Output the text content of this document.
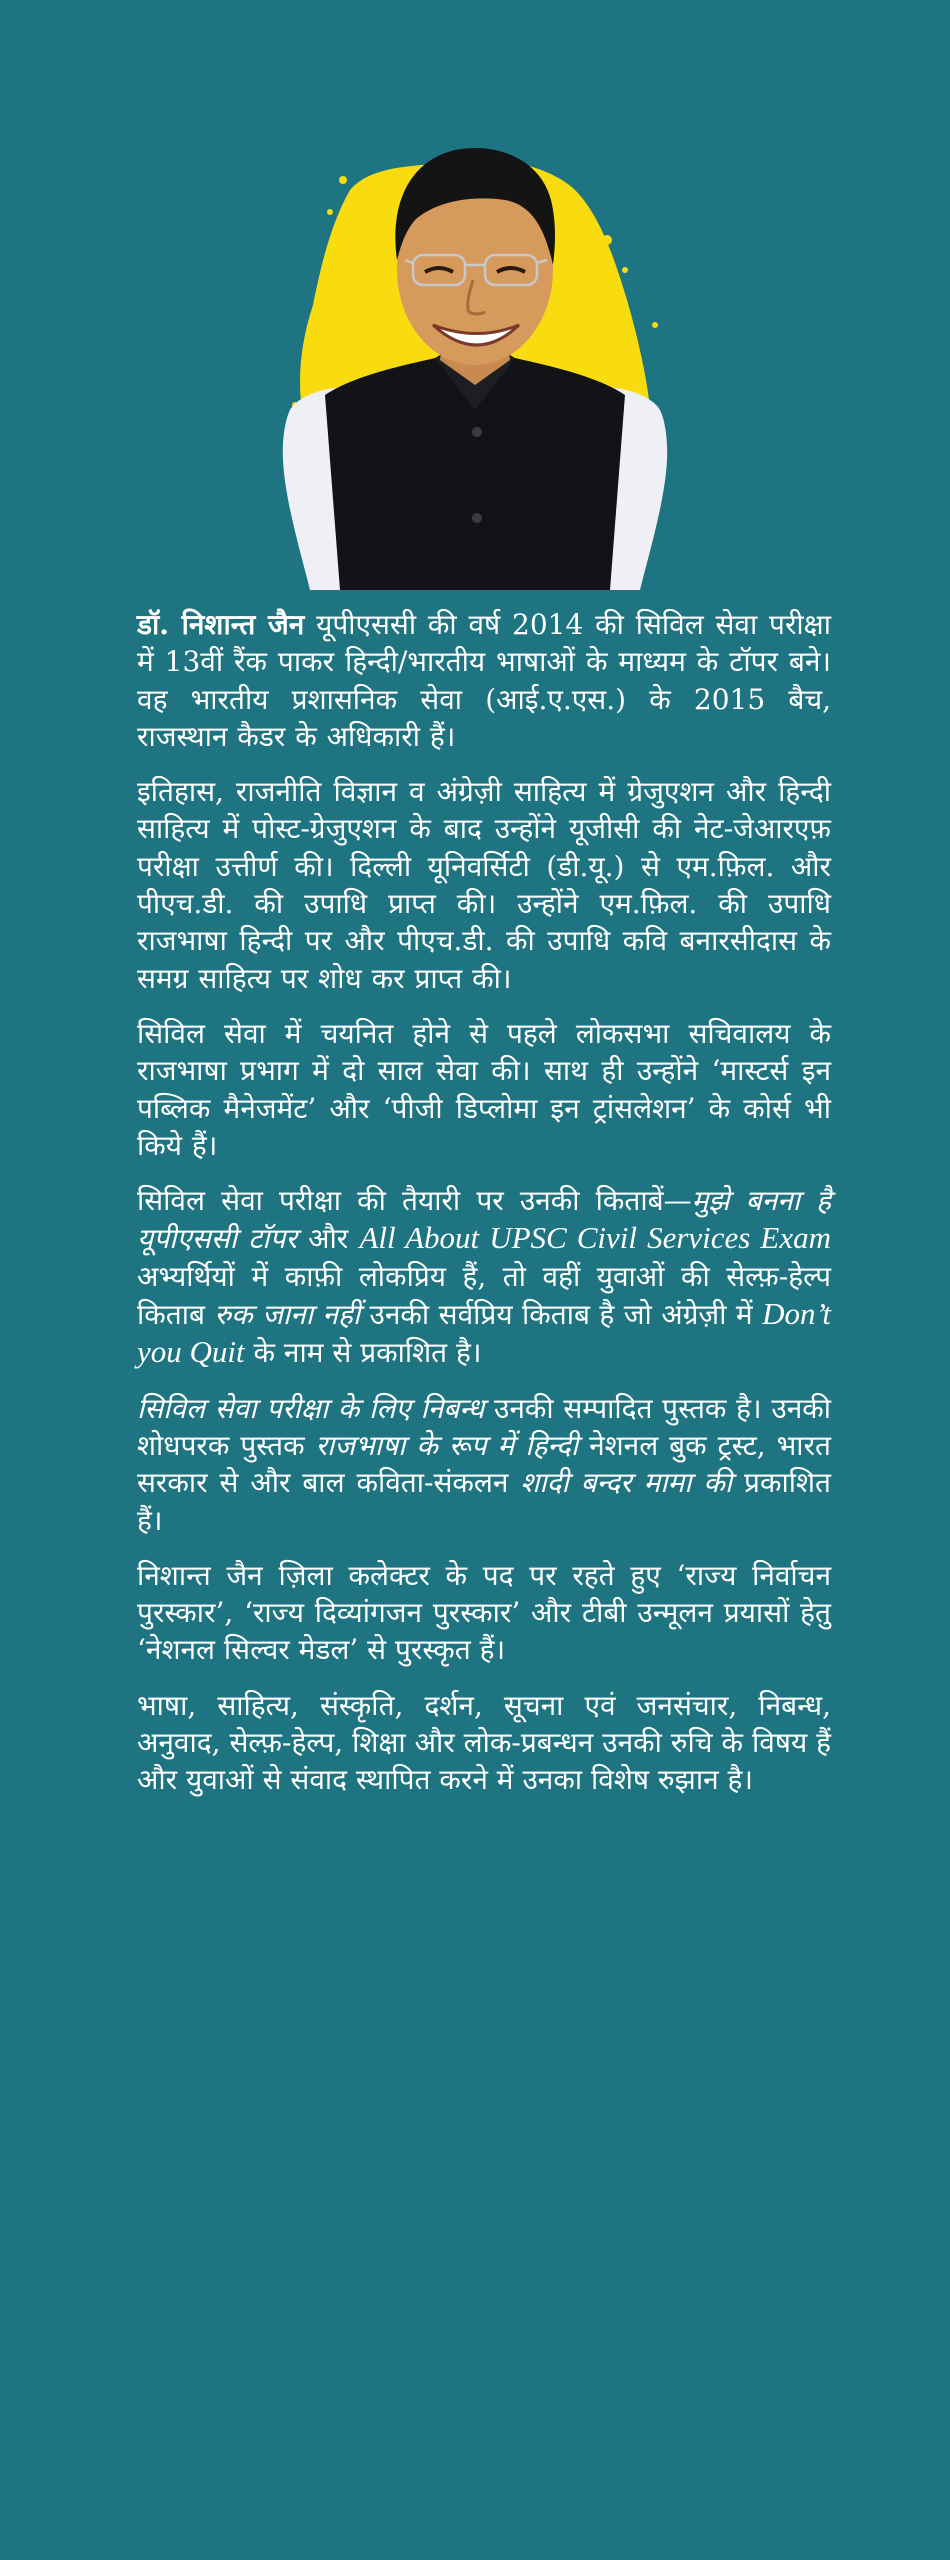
डॉ. निशान्त जैन यूपीएससी की वर्ष 2014 की सिविल सेवा परीक्षा में 13वीं रैंक पाकर हिन्दी/भारतीय भाषाओं के माध्यम के टॉपर बने। वह भारतीय प्रशासनिक सेवा (आई.ए.एस.) के 2015 बैच, राजस्थान कैडर के अधिकारी हैं।

इतिहास, राजनीति विज्ञान व अंग्रेज़ी साहित्य में ग्रेजुएशन और हिन्दी साहित्य में पोस्ट-ग्रेजुएशन के बाद उन्होंने यूजीसी की नेट-जेआरएफ़ परीक्षा उत्तीर्ण की। दिल्ली यूनिवर्सिटी (डी.यू.) से एम.फ़िल. और पीएच.डी. की उपाधि प्राप्त की। उन्होंने एम.फ़िल. की उपाधि राजभाषा हिन्दी पर और पीएच.डी. की उपाधि कवि बनारसीदास के समग्र साहित्य पर शोध कर प्राप्त की।

सिविल सेवा में चयनित होने से पहले लोकसभा सचिवालय के राजभाषा प्रभाग में दो साल सेवा की। साथ ही उन्होंने ‘मास्टर्स इन पब्लिक मैनेजमेंट’ और ‘पीजी डिप्लोमा इन ट्रांसलेशन’ के कोर्स भी किये हैं।

सिविल सेवा परीक्षा की तैयारी पर उनकी किताबें—मुझे बनना है यूपीएससी टॉपर और All About UPSC Civil Services Exam अभ्यर्थियों में काफ़ी लोकप्रिय हैं, तो वहीं युवाओं की सेल्फ़-हेल्प किताब रुक जाना नहीं उनकी सर्वप्रिय किताब है जो अंग्रेज़ी में Don’t you Quit के नाम से प्रकाशित है।

सिविल सेवा परीक्षा के लिए निबन्ध उनकी सम्पादित पुस्तक है। उनकी शोधपरक पुस्तक राजभाषा के रूप में हिन्दी नेशनल बुक ट्रस्ट, भारत सरकार से और बाल कविता-संकलन शादी बन्दर मामा की प्रकाशित हैं।

निशान्त जैन ज़िला कलेक्टर के पद पर रहते हुए ‘राज्य निर्वाचन पुरस्कार’, ‘राज्य दिव्यांगजन पुरस्कार’ और टीबी उन्मूलन प्रयासों हेतु ‘नेशनल सिल्वर मेडल’ से पुरस्कृत हैं।

भाषा, साहित्य, संस्कृति, दर्शन, सूचना एवं जनसंचार, निबन्ध, अनुवाद, सेल्फ़-हेल्प, शिक्षा और लोक-प्रबन्धन उनकी रुचि के विषय हैं और युवाओं से संवाद स्थापित करने में उनका विशेष रुझान है।
